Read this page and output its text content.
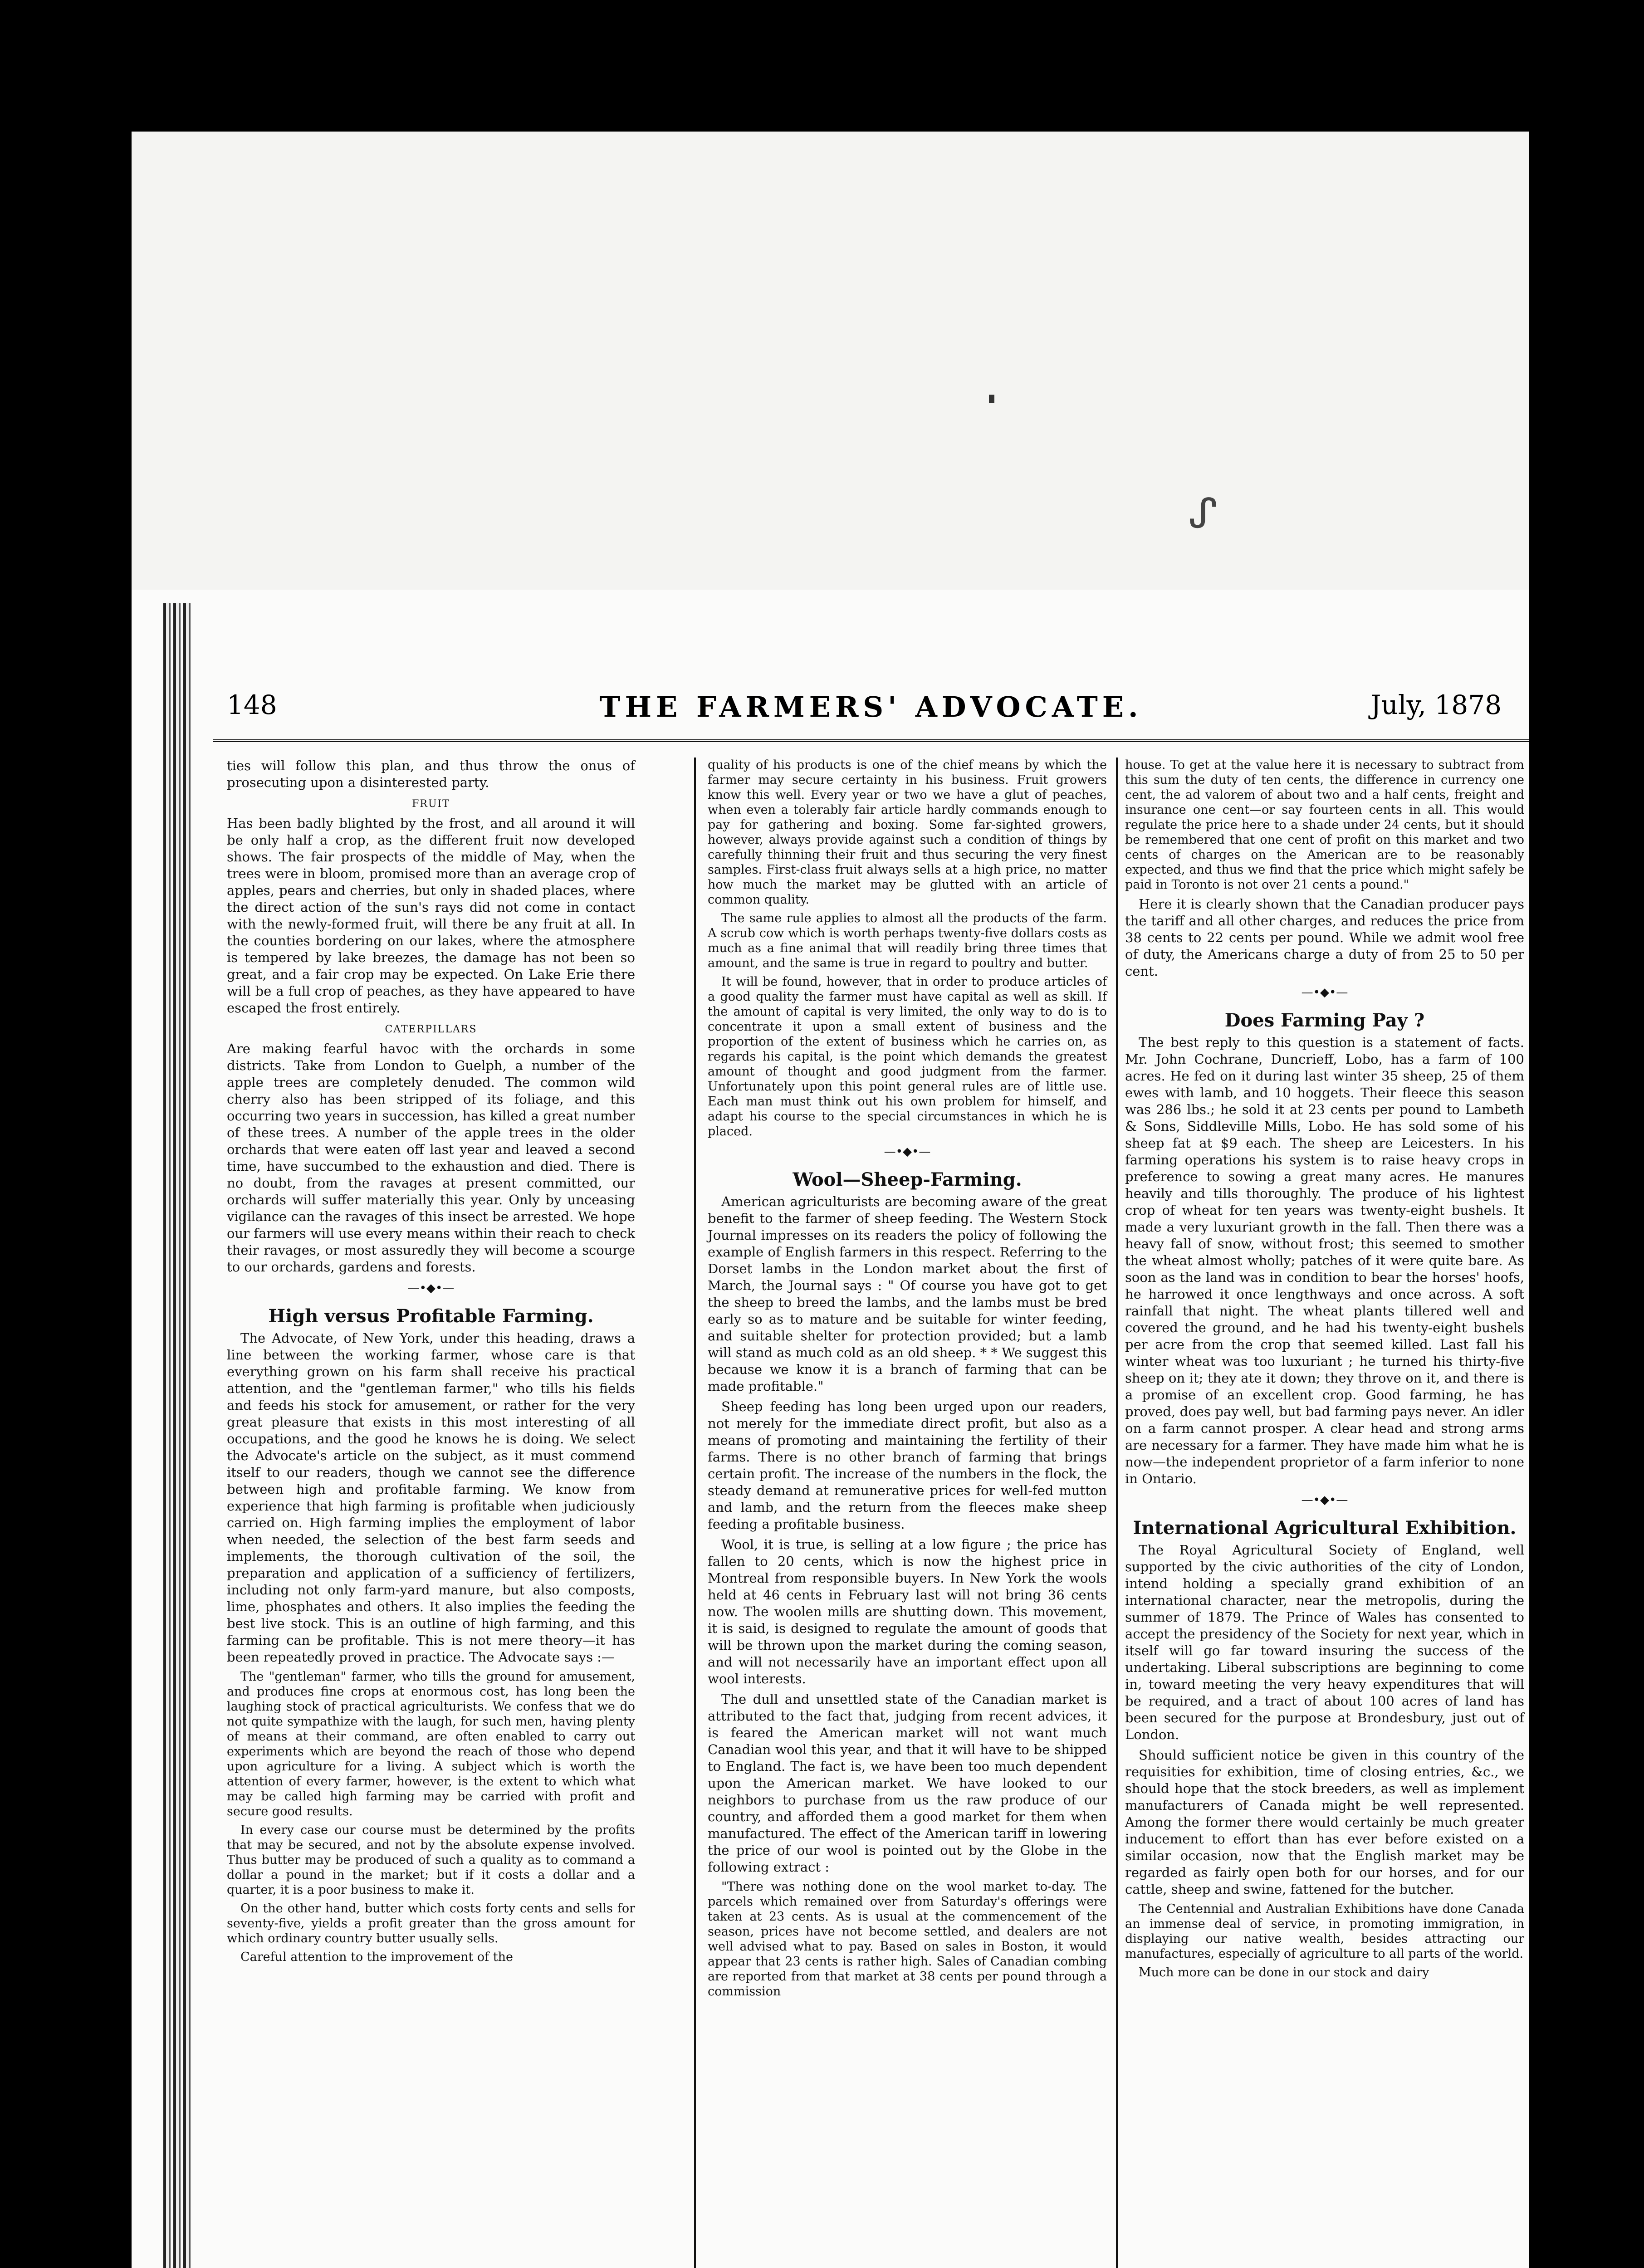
ᔑ
148	THE FARMERS' ADVOCATE.	July, 1878

ties will follow this plan, and thus throw the onus of prosecuting upon a disinterested party.

FRUIT

Has been badly blighted by the frost, and all around it will be only half a crop, as the different fruit now developed shows. The fair prospects of the middle of May, when the trees were in bloom, promised more than an average crop of apples, pears and cherries, but only in shaded places, where the direct action of the sun's rays did not come in contact with the newly-formed fruit, will there be any fruit at all. In the counties bordering on our lakes, where the atmosphere is tempered by lake breezes, the damage has not been so great, and a fair crop may be expected. On Lake Erie there will be a full crop of peaches, as they have appeared to have escaped the frost entirely.

CATERPILLARS

Are making fearful havoc with the orchards in some districts. Take from London to Guelph, a number of the apple trees are completely denuded. The common wild cherry also has been stripped of its foliage, and this occurring two years in succession, has killed a great number of these trees. A number of the apple trees in the older orchards that were eaten off last year and leaved a second time, have succumbed to the exhaustion and died. There is no doubt, from the ravages at present committed, our orchards will suffer materially this year. Only by unceasing vigilance can the ravages of this insect be arrested. We hope our farmers will use every means within their reach to check their ravages, or most assuredly they will become a scourge to our orchards, gardens and forests.

—•◆•—
High versus Profitable Farming.

The Advocate, of New York, under this heading, draws a line between the working farmer, whose care is that everything grown on his farm shall receive his practical attention, and the "gentleman farmer," who tills his fields and feeds his stock for amusement, or rather for the very great pleasure that exists in this most interesting of all occupations, and the good he knows he is doing. We select the Advocate's article on the subject, as it must commend itself to our readers, though we cannot see the difference between high and profitable farming. We know from experience that high farming is profitable when judiciously carried on. High farming implies the employment of labor when needed, the selection of the best farm seeds and implements, the thorough cultivation of the soil, the preparation and application of a sufficiency of fertilizers, including not only farm-yard manure, but also composts, lime, phosphates and others. It also implies the feeding the best live stock. This is an outline of high farming, and this farming can be profitable. This is not mere theory—it has been repeatedly proved in practice. The Advocate says :—

The "gentleman" farmer, who tills the ground for amusement, and produces fine crops at enormous cost, has long been the laughing stock of practical agriculturists. We confess that we do not quite sympathize with the laugh, for such men, having plenty of means at their command, are often enabled to carry out experiments which are beyond the reach of those who depend upon agriculture for a living. A subject which is worth the attention of every farmer, however, is the extent to which what may be called high farming may be carried with profit and secure good results.

In every case our course must be determined by the profits that may be secured, and not by the absolute expense involved. Thus butter may be produced of such a quality as to command a dollar a pound in the market; but if it costs a dollar and a quarter, it is a poor business to make it.

On the other hand, butter which costs forty cents and sells for seventy-five, yields a profit greater than the gross amount for which ordinary country butter usually sells.

Careful attention to the improvement of the

quality of his products is one of the chief means by which the farmer may secure certainty in his business. Fruit growers know this well. Every year or two we have a glut of peaches, when even a tolerably fair article hardly commands enough to pay for gathering and boxing. Some far-sighted growers, however, always provide against such a condition of things by carefully thinning their fruit and thus securing the very finest samples. First-class fruit always sells at a high price, no matter how much the market may be glutted with an article of common quality.

The same rule applies to almost all the products of the farm. A scrub cow which is worth perhaps twenty-five dollars costs as much as a fine animal that will readily bring three times that amount, and the same is true in regard to poultry and butter.

It will be found, however, that in order to produce articles of a good quality the farmer must have capital as well as skill. If the amount of capital is very limited, the only way to do is to concentrate it upon a small extent of business and the proportion of the extent of business which he carries on, as regards his capital, is the point which demands the greatest amount of thought and good judgment from the farmer. Unfortunately upon this point general rules are of little use. Each man must think out his own problem for himself, and adapt his course to the special circumstances in which he is placed.

—•◆•—
Wool—Sheep-Farming.

American agriculturists are becoming aware of the great benefit to the farmer of sheep feeding. The Western Stock Journal impresses on its readers the policy of following the example of English farmers in this respect. Referring to the Dorset lambs in the London market about the first of March, the Journal says : " Of course you have got to get the sheep to breed the lambs, and the lambs must be bred early so as to mature and be suitable for winter feeding, and suitable shelter for protection provided; but a lamb will stand as much cold as an old sheep. * * We suggest this because we know it is a branch of farming that can be made profitable."

Sheep feeding has long been urged upon our readers, not merely for the immediate direct profit, but also as a means of promoting and maintaining the fertility of their farms. There is no other branch of farming that brings certain profit. The increase of the numbers in the flock, the steady demand at remunerative prices for well-fed mutton and lamb, and the return from the fleeces make sheep feeding a profitable business.

Wool, it is true, is selling at a low figure ; the price has fallen to 20 cents, which is now the highest price in Montreal from responsible buyers. In New York the wools held at 46 cents in February last will not bring 36 cents now. The woolen mills are shutting down. This movement, it is said, is designed to regulate the amount of goods that will be thrown upon the market during the coming season, and will not necessarily have an important effect upon all wool interests.

The dull and unsettled state of the Canadian market is attributed to the fact that, judging from recent advices, it is feared the American market will not want much Canadian wool this year, and that it will have to be shipped to England. The fact is, we have been too much dependent upon the American market. We have looked to our neighbors to purchase from us the raw produce of our country, and afforded them a good market for them when manufactured. The effect of the American tariff in lowering the price of our wool is pointed out by the Globe in the following extract :

"There was nothing done on the wool market to-day. The parcels which remained over from Saturday's offerings were taken at 23 cents. As is usual at the commencement of the season, prices have not become settled, and dealers are not well advised what to pay. Based on sales in Boston, it would appear that 23 cents is rather high. Sales of Canadian combing are reported from that market at 38 cents per pound through a commission

house. To get at the value here it is necessary to subtract from this sum the duty of ten cents, the difference in currency one cent, the ad valorem of about two and a half cents, freight and insurance one cent—or say fourteen cents in all. This would regulate the price here to a shade under 24 cents, but it should be remembered that one cent of profit on this market and two cents of charges on the American are to be reasonably expected, and thus we find that the price which might safely be paid in Toronto is not over 21 cents a pound."

Here it is clearly shown that the Canadian producer pays the tariff and all other charges, and reduces the price from 38 cents to 22 cents per pound. While we admit wool free of duty, the Americans charge a duty of from 25 to 50 per cent.

—•◆•—
Does Farming Pay ?

The best reply to this question is a statement of facts. Mr. John Cochrane, Duncrieff, Lobo, has a farm of 100 acres. He fed on it during last winter 35 sheep, 25 of them ewes with lamb, and 10 hoggets. Their fleece this season was 286 lbs.; he sold it at 23 cents per pound to Lambeth & Sons, Siddleville Mills, Lobo. He has sold some of his sheep fat at $9 each. The sheep are Leicesters. In his farming operations his system is to raise heavy crops in preference to sowing a great many acres. He manures heavily and tills thoroughly. The produce of his lightest crop of wheat for ten years was twenty-eight bushels. It made a very luxuriant growth in the fall. Then there was a heavy fall of snow, without frost; this seemed to smother the wheat almost wholly; patches of it were quite bare. As soon as the land was in condition to bear the horses' hoofs, he harrowed it once lengthways and once across. A soft rainfall that night. The wheat plants tillered well and covered the ground, and he had his twenty-eight bushels per acre from the crop that seemed killed. Last fall his winter wheat was too luxuriant ; he turned his thirty-five sheep on it; they ate it down; they throve on it, and there is a promise of an excellent crop. Good farming, he has proved, does pay well, but bad farming pays never. An idler on a farm cannot prosper. A clear head and strong arms are necessary for a farmer. They have made him what he is now—the independent proprietor of a farm inferior to none in Ontario.

—•◆•—
International Agricultural Exhibition.

The Royal Agricultural Society of England, well supported by the civic authorities of the city of London, intend holding a specially grand exhibition of an international character, near the metropolis, during the summer of 1879. The Prince of Wales has consented to accept the presidency of the Society for next year, which in itself will go far toward insuring the success of the undertaking. Liberal subscriptions are beginning to come in, toward meeting the very heavy expenditures that will be required, and a tract of about 100 acres of land has been secured for the purpose at Brondesbury, just out of London.

Should sufficient notice be given in this country of the requisities for exhibition, time of closing entries, &c., we should hope that the stock breeders, as well as implement manufacturers of Canada might be well represented. Among the former there would certainly be much greater inducement to effort than has ever before existed on a similar occasion, now that the English market may be regarded as fairly open both for our horses, and for our cattle, sheep and swine, fattened for the butcher.

The Centennial and Australian Exhibitions have done Canada an immense deal of service, in promoting immigration, in displaying our native wealth, besides attracting our manufactures, especially of agriculture to all parts of the world.

Much more can be done in our stock and dairy
